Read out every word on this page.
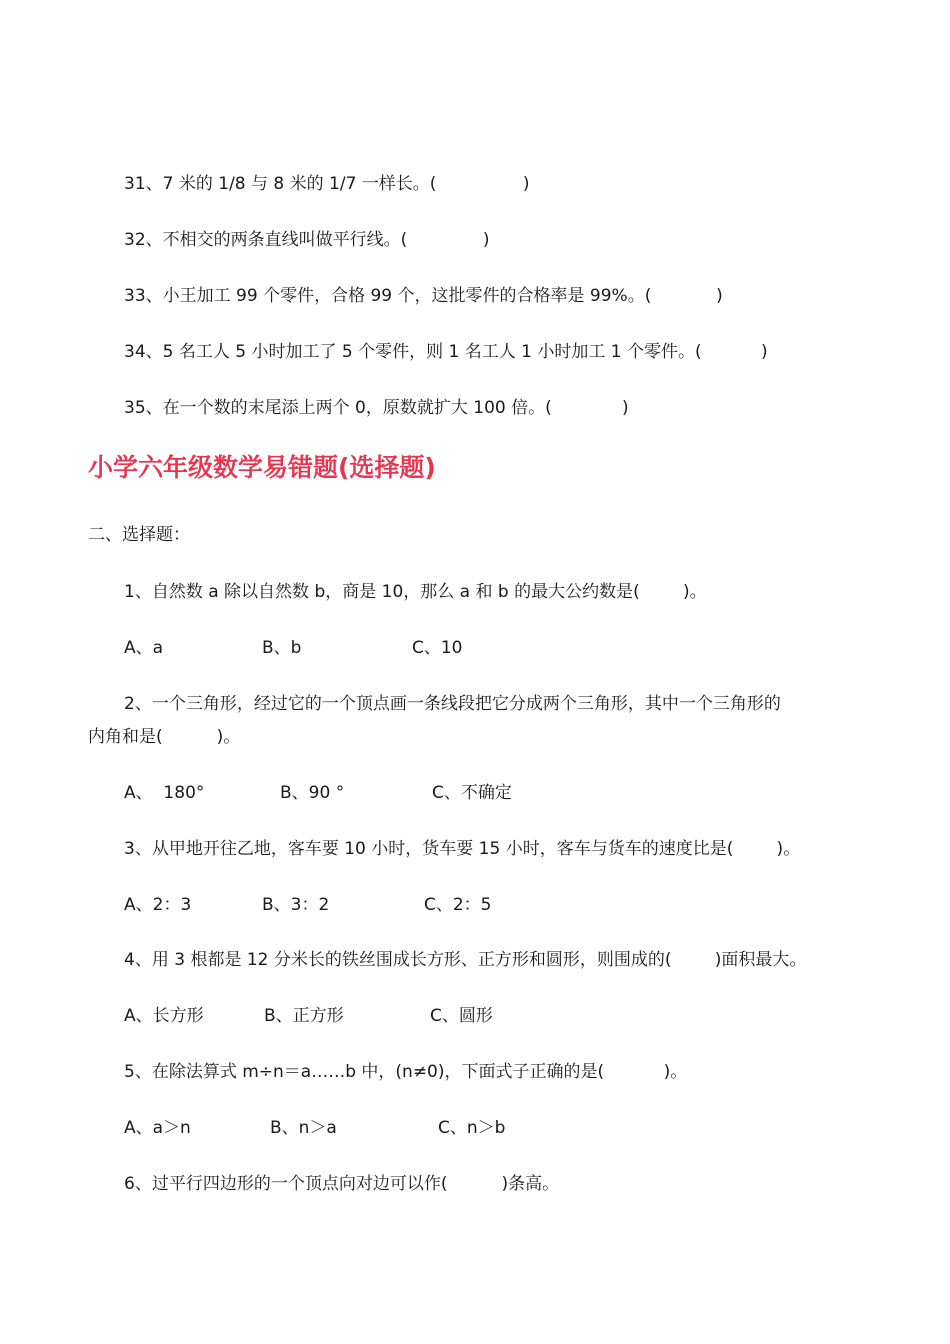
31、7 米的 1/8 与 8 米的 1/7 一样长。(                )
32、不相交的两条直线叫做平行线。(              )
33、小王加工 99 个零件，合格 99 个，这批零件的合格率是 99%。(            )
34、5 名工人 5 小时加工了 5 个零件，则 1 名工人 1 小时加工 1 个零件。(           )
35、在一个数的末尾添上两个 0，原数就扩大 100 倍。(             )
小学六年级数学易错题(选择题)
二、选择题：
1、自然数 a 除以自然数 b，商是 10，那么 a 和 b 的最大公约数是(        )。
A、a	B、b	C、10
2、一个三角形，经过它的一个顶点画一条线段把它分成两个三角形，其中一个三角形的
内角和是(          )。
A、  180°	B、90 °	C、不确定
3、从甲地开往乙地，客车要 10 小时，货车要 15 小时，客车与货车的速度比是(        )。
A、2：3	B、3：2	C、2：5
4、用 3 根都是 12 分米长的铁丝围成长方形、正方形和圆形，则围成的(        )面积最大。
A、长方形	B、正方形	C、圆形
5、在除法算式 m÷n＝a……b 中，(n≠0)，下面式子正确的是(           )。
A、a＞n	B、n＞a	C、n＞b
6、过平行四边形的一个顶点向对边可以作(          )条高。
